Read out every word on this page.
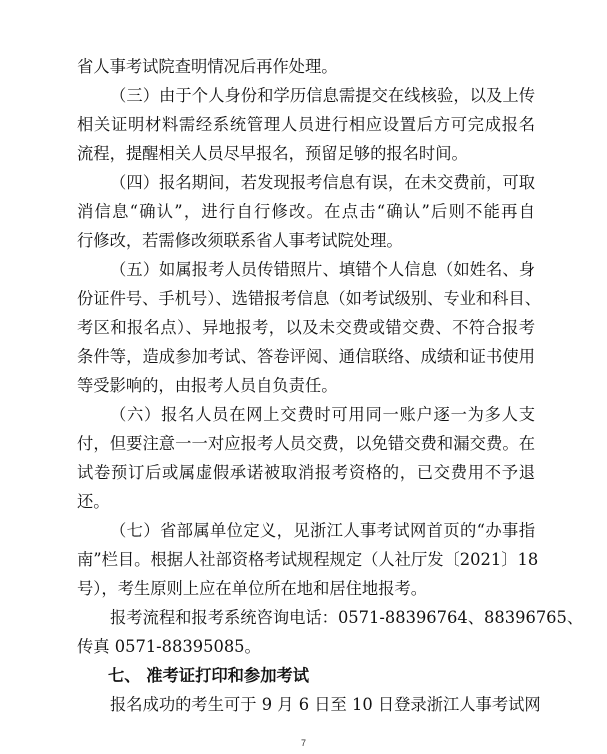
省人事考试院查明情况后再作处理。
（三）由于个人身份和学历信息需提交在线核验，以及上传
相关证明材料需经系统管理人员进行相应设置后方可完成报名
流程，提醒相关人员尽早报名，预留足够的报名时间。
（四）报名期间，若发现报考信息有误，在未交费前，可取
消信息“确认”，进行自行修改。在点击“确认”后则不能再自
行修改，若需修改须联系省人事考试院处理。
（五）如属报考人员传错照片、填错个人信息（如姓名、身
份证件号、手机号）、选错报考信息（如考试级别、专业和科目、
考区和报名点）、异地报考，以及未交费或错交费、不符合报考
条件等，造成参加考试、答卷评阅、通信联络、成绩和证书使用
等受影响的，由报考人员自负责任。
（六）报名人员在网上交费时可用同一账户逐一为多人支
付，但要注意一一对应报考人员交费，以免错交费和漏交费。在
试卷预订后或属虚假承诺被取消报考资格的，已交费用不予退
还。
（七）省部属单位定义，见浙江人事考试网首页的“办事指
南”栏目。根据人社部资格考试规程规定（人社厅发〔2021〕18
号），考生原则上应在单位所在地和居住地报考。
报考流程和报考系统咨询电话：0571-88396764、88396765、
传真 0571-88395085。
七、 准考证打印和参加考试
报名成功的考生可于 9 月 6 日至 10 日登录浙江人事考试网
7
